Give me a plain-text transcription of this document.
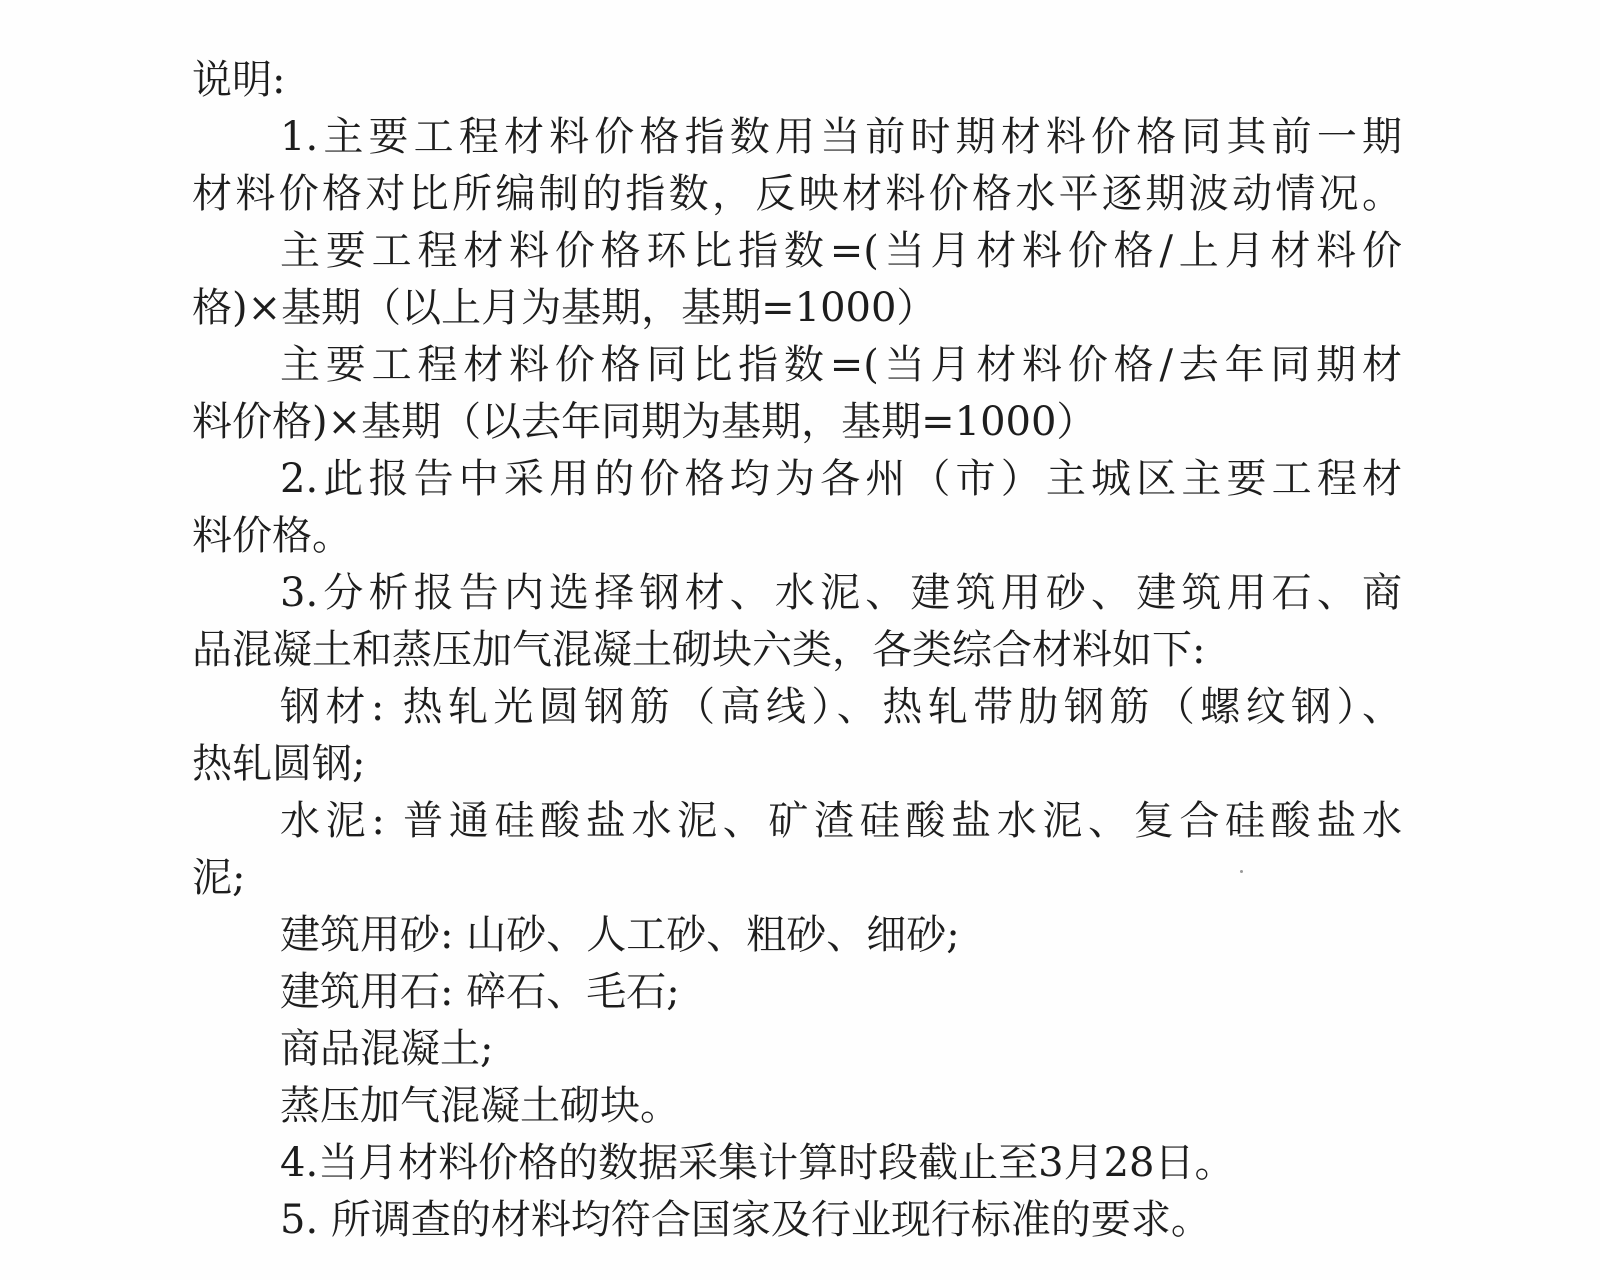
说明:

1.主要工程材料价格指数用当前时期材料价格同其前一期

材料价格对比所编制的指数，反映材料价格水平逐期波动情况。

主要工程材料价格环比指数=(当月材料价格/上月材料价

格)×基期（以上月为基期，基期=1000）

主要工程材料价格同比指数=(当月材料价格/去年同期材

料价格)×基期（以去年同期为基期，基期=1000）

2.此报告中采用的价格均为各州（市）主城区主要工程材

料价格。

3.分析报告内选择钢材、水泥、建筑用砂、建筑用石、商

品混凝土和蒸压加气混凝土砌块六类，各类综合材料如下:

钢材: 热轧光圆钢筋（高线）、热轧带肋钢筋（螺纹钢）、

热轧圆钢;

水泥: 普通硅酸盐水泥、矿渣硅酸盐水泥、复合硅酸盐水

泥;

建筑用砂: 山砂、人工砂、粗砂、细砂;

建筑用石: 碎石、毛石;

商品混凝土;

蒸压加气混凝土砌块。

4.当月材料价格的数据采集计算时段截止至3月28日。

5. 所调查的材料均符合国家及行业现行标准的要求。
